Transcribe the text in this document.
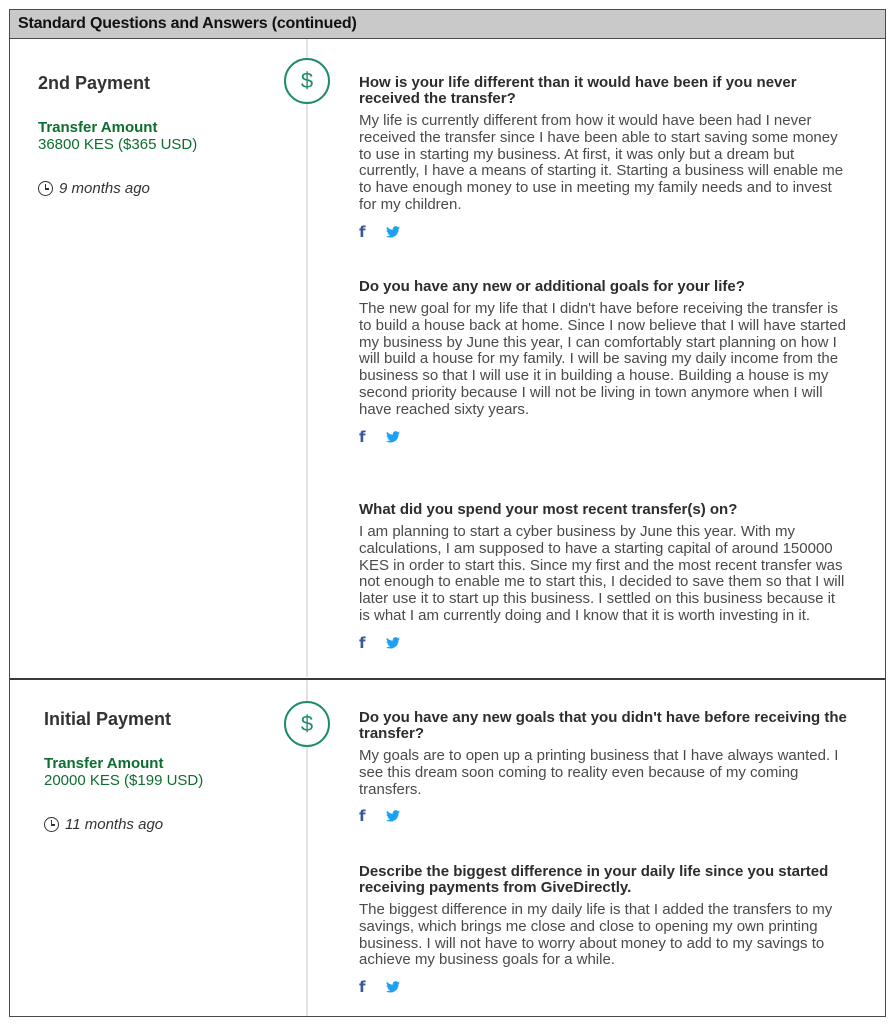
Standard Questions and Answers (continued)
$
2nd Payment
Transfer Amount
36800 KES ($365 USD)
9 months ago

How is your life different than it would have been if you never received the transfer?

My life is currently different from how it would have been had I never received the transfer since I have been able to start saving some money to use in starting my business. At first, it was only but a dream but currently, I have a means of starting it. Starting a business will enable me to have enough money to use in meeting my family needs and to invest for my children.

f

Do you have any new or additional goals for your life?

The new goal for my life that I didn't have before receiving the transfer is to build a house back at home. Since I now believe that I will have started my business by June this year, I can comfortably start planning on how I will build a house for my family. I will be saving my daily income from the business so that I will use it in building a house. Building a house is my second priority because I will not be living in town anymore when I will have reached sixty years.

f

What did you spend your most recent transfer(s) on?

I am planning to start a cyber business by June this year. With my calculations, I am supposed to have a starting capital of around 150000 KES in order to start this. Since my first and the most recent transfer was not enough to enable me to start this, I decided to save them so that I will later use it to start up this business. I settled on this business because it is what I am currently doing and I know that it is worth investing in it.

f
$
Initial Payment
Transfer Amount
20000 KES ($199 USD)
11 months ago

Do you have any new goals that you didn't have before receiving the transfer?

My goals are to open up a printing business that I have always wanted. I see this dream soon coming to reality even because of my coming transfers.

f

Describe the biggest difference in your daily life since you started receiving payments from GiveDirectly.

The biggest difference in my daily life is that I added the transfers to my savings, which brings me close and close to opening my own printing business. I will not have to worry about money to add to my savings to achieve my business goals for a while.

f
